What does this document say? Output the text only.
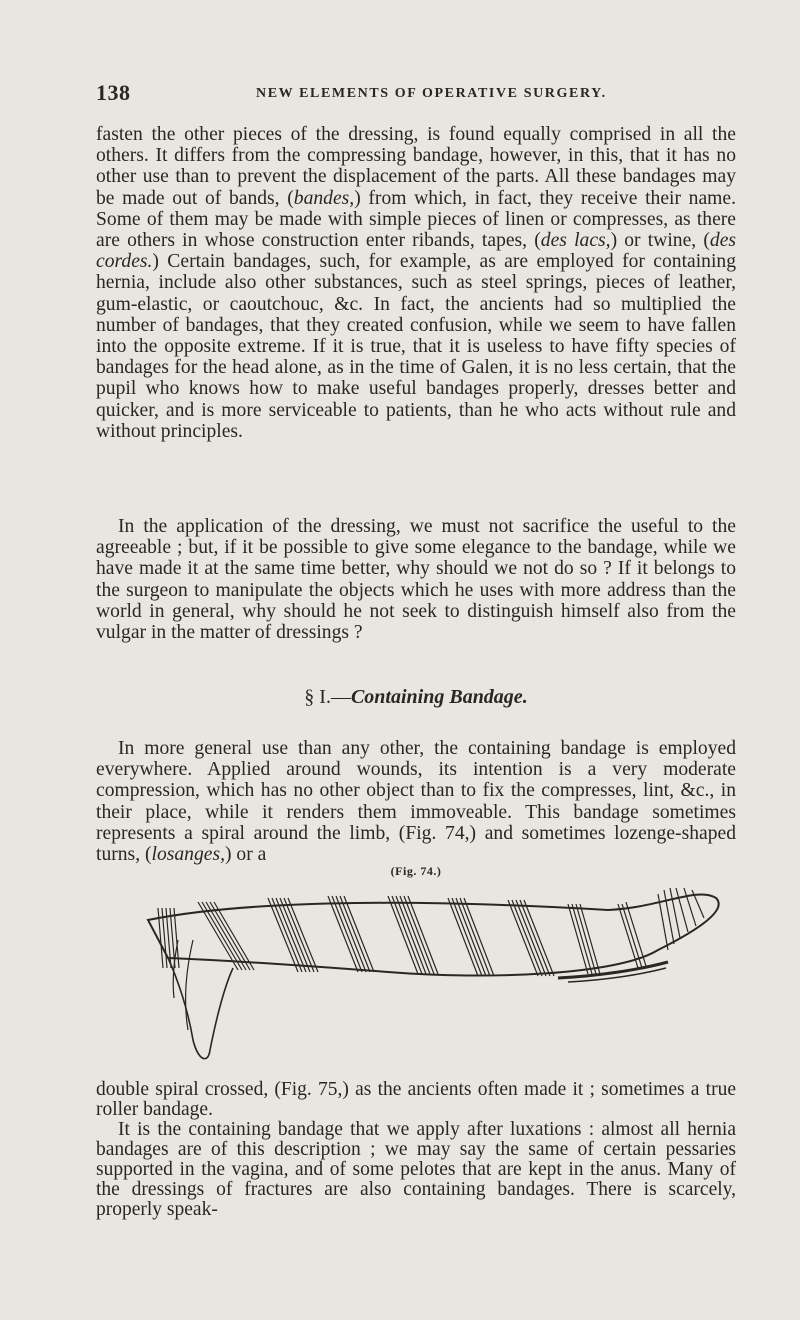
138	NEW ELEMENTS OF OPERATIVE SURGERY.

fasten the other pieces of the dressing, is found equally comprised in all the others. It differs from the compressing bandage, however, in this, that it has no other use than to prevent the displacement of the parts. All these bandages may be made out of bands, (bandes,) from which, in fact, they receive their name. Some of them may be made with simple pieces of linen or compresses, as there are others in whose construction enter ribands, tapes, (des lacs,) or twine, (des cordes.) Certain bandages, such, for example, as are employed for containing hernia, include also other substances, such as steel springs, pieces of leather, gum-elastic, or caoutchouc, &c. In fact, the ancients had so multiplied the number of bandages, that they created confusion, while we seem to have fallen into the opposite extreme. If it is true, that it is useless to have fifty species of bandages for the head alone, as in the time of Galen, it is no less certain, that the pupil who knows how to make useful bandages properly, dresses better and quicker, and is more serviceable to patients, than he who acts without rule and without principles.

In the application of the dressing, we must not sacrifice the useful to the agreeable ; but, if it be possible to give some elegance to the bandage, while we have made it at the same time better, why should we not do so ? If it belongs to the surgeon to manipulate the objects which he uses with more address than the world in general, why should he not seek to distinguish himself also from the vulgar in the matter of dressings ?

§ I.—Containing Bandage.

In more general use than any other, the containing bandage is employed everywhere. Applied around wounds, its intention is a very moderate compression, which has no other object than to fix the compresses, lint, &c., in their place, while it renders them immoveable. This bandage sometimes represents a spiral around the limb, (Fig. 74,) and sometimes lozenge-shaped turns, (losanges,) or a

(Fig. 74.)

double spiral crossed, (Fig. 75,) as the ancients often made it ; sometimes a true roller bandage.

It is the containing bandage that we apply after luxations : almost all hernia bandages are of this description ; we may say the same of certain pessaries supported in the vagina, and of some pelotes that are kept in the anus. Many of the dressings of fractures are also containing bandages. There is scarcely, properly speak-
